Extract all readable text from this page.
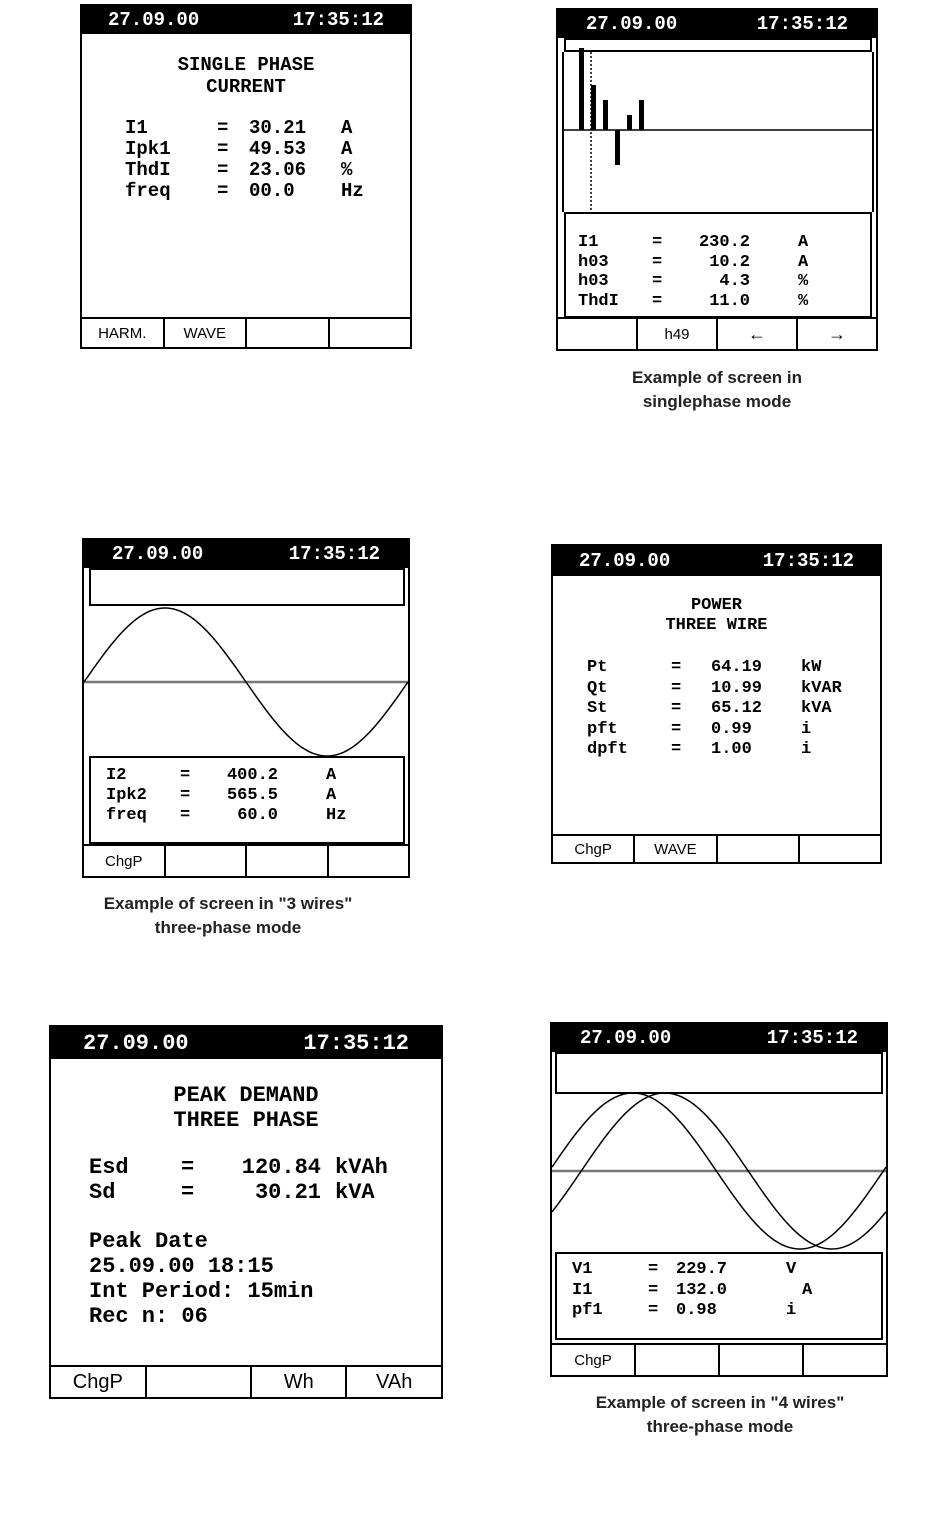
27.09.00	17:35:12
SINGLE PHASE
CURRENT
I1	=	30.21	A
Ipk1	=	49.53	A
ThdI	=	23.06	%
freq	=	00.0	Hz
HARM.	WAVE
27.09.00	17:35:12
I1	=	230.2	A
h03	=	10.2	A
h03	=	4.3	%
ThdI	=	11.0	%
h49	←	→
Example of screen in
singlephase mode
27.09.00	17:35:12
I2	=	400.2	A
Ipk2	=	565.5	A
freq	=	60.0	Hz
ChgP
Example of screen in "3 wires"
three-phase mode
27.09.00	17:35:12
POWER
THREE WIRE
Pt	=	64.19	kW
Qt	=	10.99	kVAR
St	=	65.12	kVA
pft	=	0.99	i
dpft	=	1.00	i
ChgP	WAVE
27.09.00	17:35:12
PEAK DEMAND
THREE PHASE
Esd	=	120.84 kVAh
Sd	=	30.21 kVA
Peak Date
25.09.00 18:15
Int Period: 15min
Rec n: 06
ChgP	Wh	VAh
27.09.00	17:35:12
V1	=	229.7	V
I1	=	132.0	A
pf1	=	0.98	i
ChgP
Example of screen in "4 wires"
three-phase mode
